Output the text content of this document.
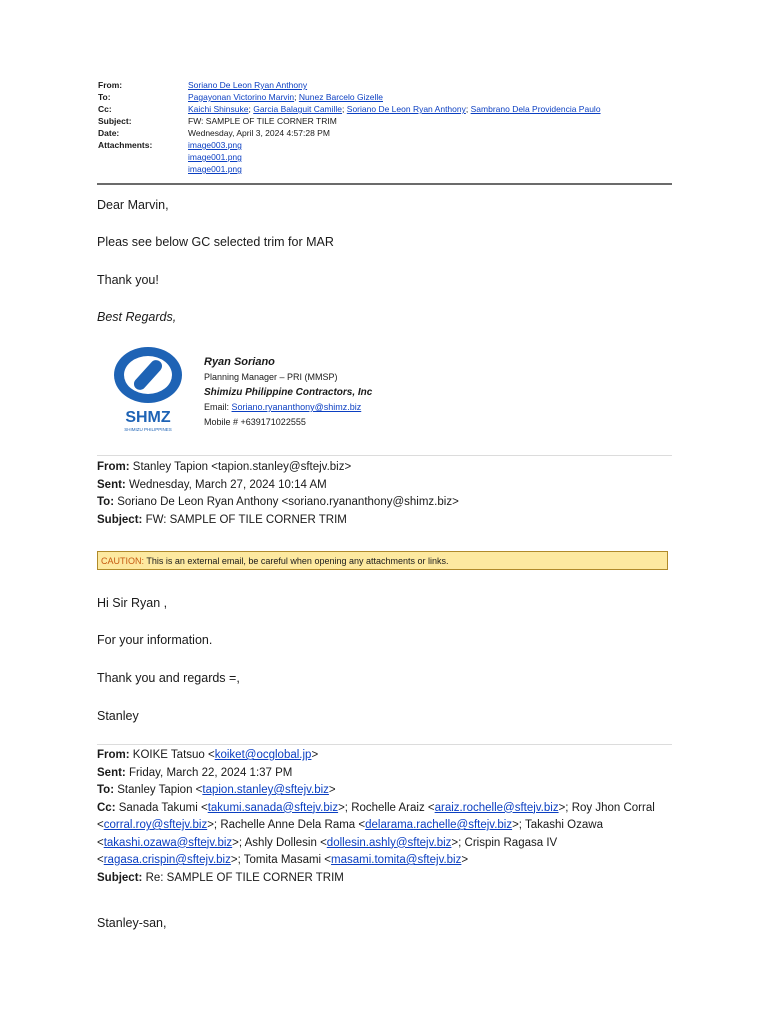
From:	Soriano De Leon Ryan Anthony
To:	Pagayonan Victorino Marvin; Nunez Barcelo Gizelle
Cc:	Kaichi Shinsuke; Garcia Balaguit Camille; Soriano De Leon Ryan Anthony; Sambrano Dela Providencia Paulo
Subject:	FW: SAMPLE OF TILE CORNER TRIM
Date:	Wednesday, April 3, 2024 4:57:28 PM
Attachments:	image003.png
image001.png
image001.png
Dear Marvin,
Pleas see below GC selected trim for MAR
Thank you!
Best Regards,
SHMZ
SHIMIZU PHILIPPINES
Ryan Soriano
Planning Manager – PRI (MMSP)
Shimizu Philippine Contractors, Inc
Email: Soriano.ryananthony@shimz.biz
Mobile # +639171022555
From: Stanley Tapion <tapion.stanley@sftejv.biz>
Sent: Wednesday, March 27, 2024 10:14 AM
To: Soriano De Leon Ryan Anthony <soriano.ryananthony@shimz.biz>
Subject: FW: SAMPLE OF TILE CORNER TRIM
CAUTION: This is an external email, be careful when opening any attachments or links.
Hi Sir Ryan ,
For your information.
Thank you and regards =,
Stanley
From: KOIKE Tatsuo <koiket@ocglobal.jp>
Sent: Friday, March 22, 2024 1:37 PM
To: Stanley Tapion <tapion.stanley@sftejv.biz>
Cc: Sanada Takumi <takumi.sanada@sftejv.biz>; Rochelle Araiz <araiz.rochelle@sftejv.biz>; Roy Jhon Corral <corral.roy@sftejv.biz>; Rachelle Anne Dela Rama <delarama.rachelle@sftejv.biz>; Takashi Ozawa <takashi.ozawa@sftejv.biz>; Ashly Dollesin <dollesin.ashly@sftejv.biz>; Crispin Ragasa IV <ragasa.crispin@sftejv.biz>; Tomita Masami <masami.tomita@sftejv.biz>
Subject: Re: SAMPLE OF TILE CORNER TRIM
Stanley-san,
